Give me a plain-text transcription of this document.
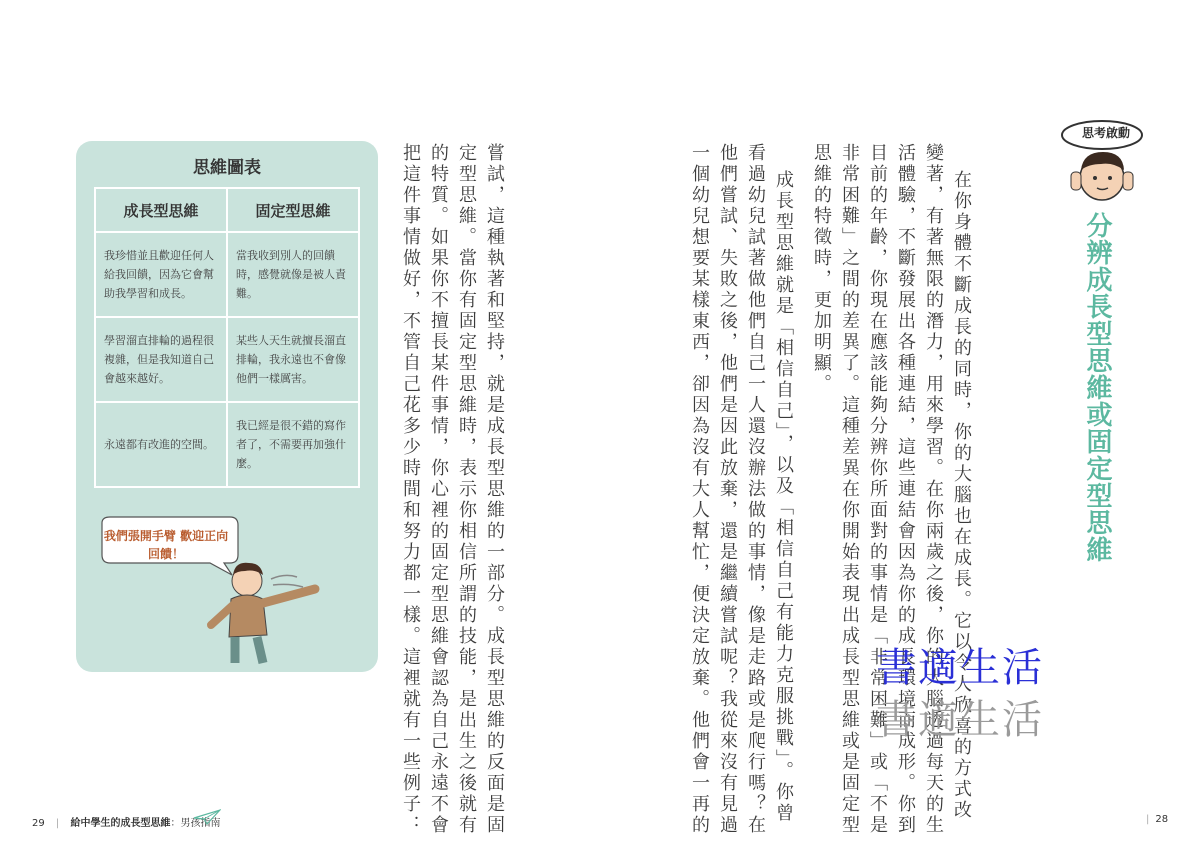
思維圖表
成長型思維	固定型思維
我珍惜並且歡迎任何人給我回饋，因為它會幫助我學習和成長。	當我收到別人的回饋時，感覺就像是被人責難。
學習溜直排輪的過程很複雜，但是我知道自己會越來越好。	某些人天生就擅長溜直排輪，我永遠也不會像他們一樣厲害。
永遠都有改進的空間。	我已經是很不錯的寫作者了，不需要再加強什麼。
我們張開手臂 歡迎正向回饋！	嘗試，這種執著和堅持，就是成長型思維的一部分。成長型思維的反面是固
定型思維。當你有固定型思維時，表示你相信所謂的技能，是出生之後就有
的特質。如果你不擅長某件事情，你心裡的固定型思維會認為自己永遠不會
把這件事情做好，不管自己花多少時間和努力都一樣。這裡就有一些例子：
思考啟動
分辨成長型思維或固定型思維
在你身體不斷成長的同時，你的大腦也在成長。它以令人欣喜的方式改
變著，有著無限的潛力，用來學習。在你兩歲之後，你的大腦透過每天的生
活體驗，不斷發展出各種連結，這些連結會因為你的成長環境而成形。你到
目前的年齡，你現在應該能夠分辨你所面對的事情是「非常困難」或「不是
非常困難」之間的差異了。這種差異在你開始表現出成長型思維或是固定型
思維的特徵時，更加明顯。
成長型思維就是「相信自己」，以及「相信自己有能力克服挑戰」。你曾
看過幼兒試著做他們自己一人還沒辦法做的事情，像是走路或是爬行嗎？在
他們嘗試、失敗之後，他們是因此放棄，還是繼續嘗試呢？我從來沒有見過
一個幼兒想要某樣東西，卻因為沒有大人幫忙，便決定放棄。他們會一再的	書適生活
書適生活
29 | 給中學生的成長型思維：男孩指南	| 28
